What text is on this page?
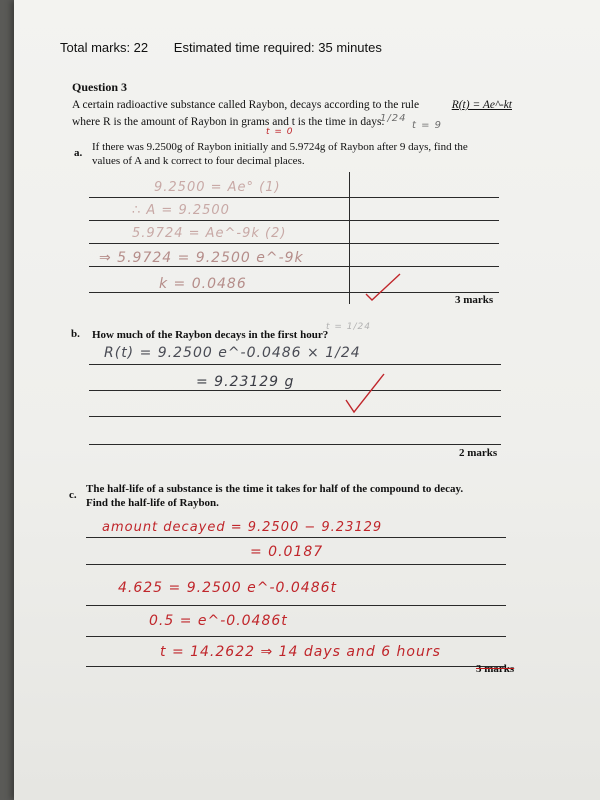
Total marks: 22 Estimated time required: 35 minutes
Question 3
A certain radioactive substance called Raybon, decays according to the rule	R(t) = Ae^-kt
where R is the amount of Raybon in grams and t is the time in days.
1/24
t = 9
t = 0
a. If there was 9.2500g of Raybon initially and 5.9724g of Raybon after 9 days, find the values of A and k correct to four decimal places.
9.2500 = Ae° (1)
∴ A = 9.2500
5.9724 = Ae^-9k (2)
⇒ 5.9724 = 9.2500 e^-9k
k = 0.0486
3 marks
b. How much of the Raybon decays in the first hour?
t = 1/24
R(t) = 9.2500 e^-0.0486 × 1/24
= 9.23129 g
2 marks
c. The half-life of a substance is the time it takes for half of the compound to decay. Find the half-life of Raybon.
amount decayed = 9.2500 − 9.23129
= 0.0187
4.625 = 9.2500 e^-0.0486t
0.5 = e^-0.0486t
t = 14.2622 ⇒ 14 days and 6 hours
3 marks
